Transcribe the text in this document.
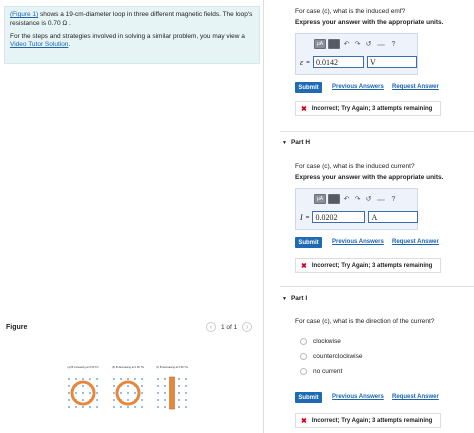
(Figure 1) shows a 19-cm-diameter loop in three different magnetic fields. The loop's resistance is 0.70 Ω .

For the steps and strategies involved in solving a similar problem, you may view a Video Tutor Solution.

Figure	‹ 1 of 1 ›
(a) B increasing at 0.50 T/s	(b) B decreasing at 0.50 T/s	(c) B decreasing at 0.50 T/s
For case (c), what is the induced emf?
Express your answer with the appropriate units.
μA	↶ ↷ ↺	▭▭ ?
ε = 0.0142	V
Submit	Previous Answers Request Answer
✖ Incorrect; Try Again; 3 attempts remaining
▼ Part H
For case (c), what is the induced current?
Express your answer with the appropriate units.
μA	↶ ↷ ↺	▭▭ ?
I = 0.0202	A
Submit	Previous Answers Request Answer
✖ Incorrect; Try Again; 3 attempts remaining
▼ Part I
For case (c), what is the direction of the current?
clockwise
counterclockwise
no current
Submit	Previous Answers Request Answer
✖ Incorrect; Try Again; 3 attempts remaining
